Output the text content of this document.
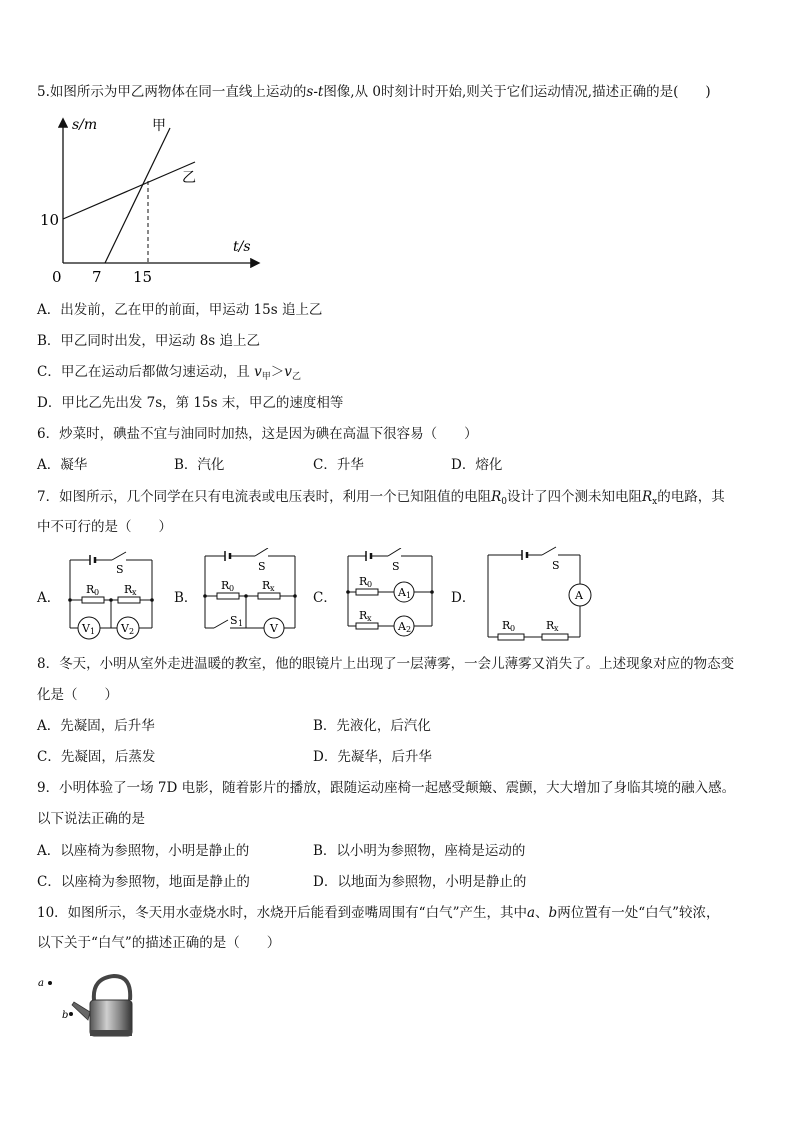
5.如图所示为甲乙两物体在同一直线上运动的s-t图像,从 0时刻计时开始,则关于它们运动情况,描述正确的是(　　)
s/m
t/s
甲
乙
10
0 7 15
A．出发前，乙在甲的前面，甲运动 15s 追上乙
B．甲乙同时出发，甲运动 8s 追上乙
C．甲乙在运动后都做匀速运动，且 $v_甲>v_乙$
D．甲比乙先出发 7s，第 15s 末，甲乙的速度相等
6．炒菜时，碘盐不宜与油同时加热，这是因为碘在高温下很容易（　　）
A．凝华	B．汽化	C．升华	D．熔化
7．如图所示，几个同学在只有电流表或电压表时，利用一个已知阻值的电阻$R_0$设计了四个测未知电阻$R_x$的电路，其
中不可行的是（　　）
A．
S
R 0 R x
V 1 V 2
B．
S
R 0	R x
S 1 V
C．
S
R 0
A 1
R x
A 2
D．
S
A
R 0	R x
8．冬天，小明从室外走进温暖的教室，他的眼镜片上出现了一层薄雾，一会儿薄雾又消失了。上述现象对应的物态变
化是（　　）
A．先凝固，后升华	B．先液化，后汽化
C．先凝固，后蒸发	D．先凝华，后升华
9．小明体验了一场 7D 电影，随着影片的播放，跟随运动座椅一起感受颠簸、震颤，大大增加了身临其境的融入感。
以下说法正确的是
A．以座椅为参照物，小明是静止的	B．以小明为参照物，座椅是运动的
C．以座椅为参照物，地面是静止的	D．以地面为参照物，小明是静止的
10．如图所示，冬天用水壶烧水时，水烧开后能看到壶嘴周围有“白气”产生，其中a、b两位置有一处“白气”较浓，
以下关于“白气”的描述正确的是（　　）
a
b
